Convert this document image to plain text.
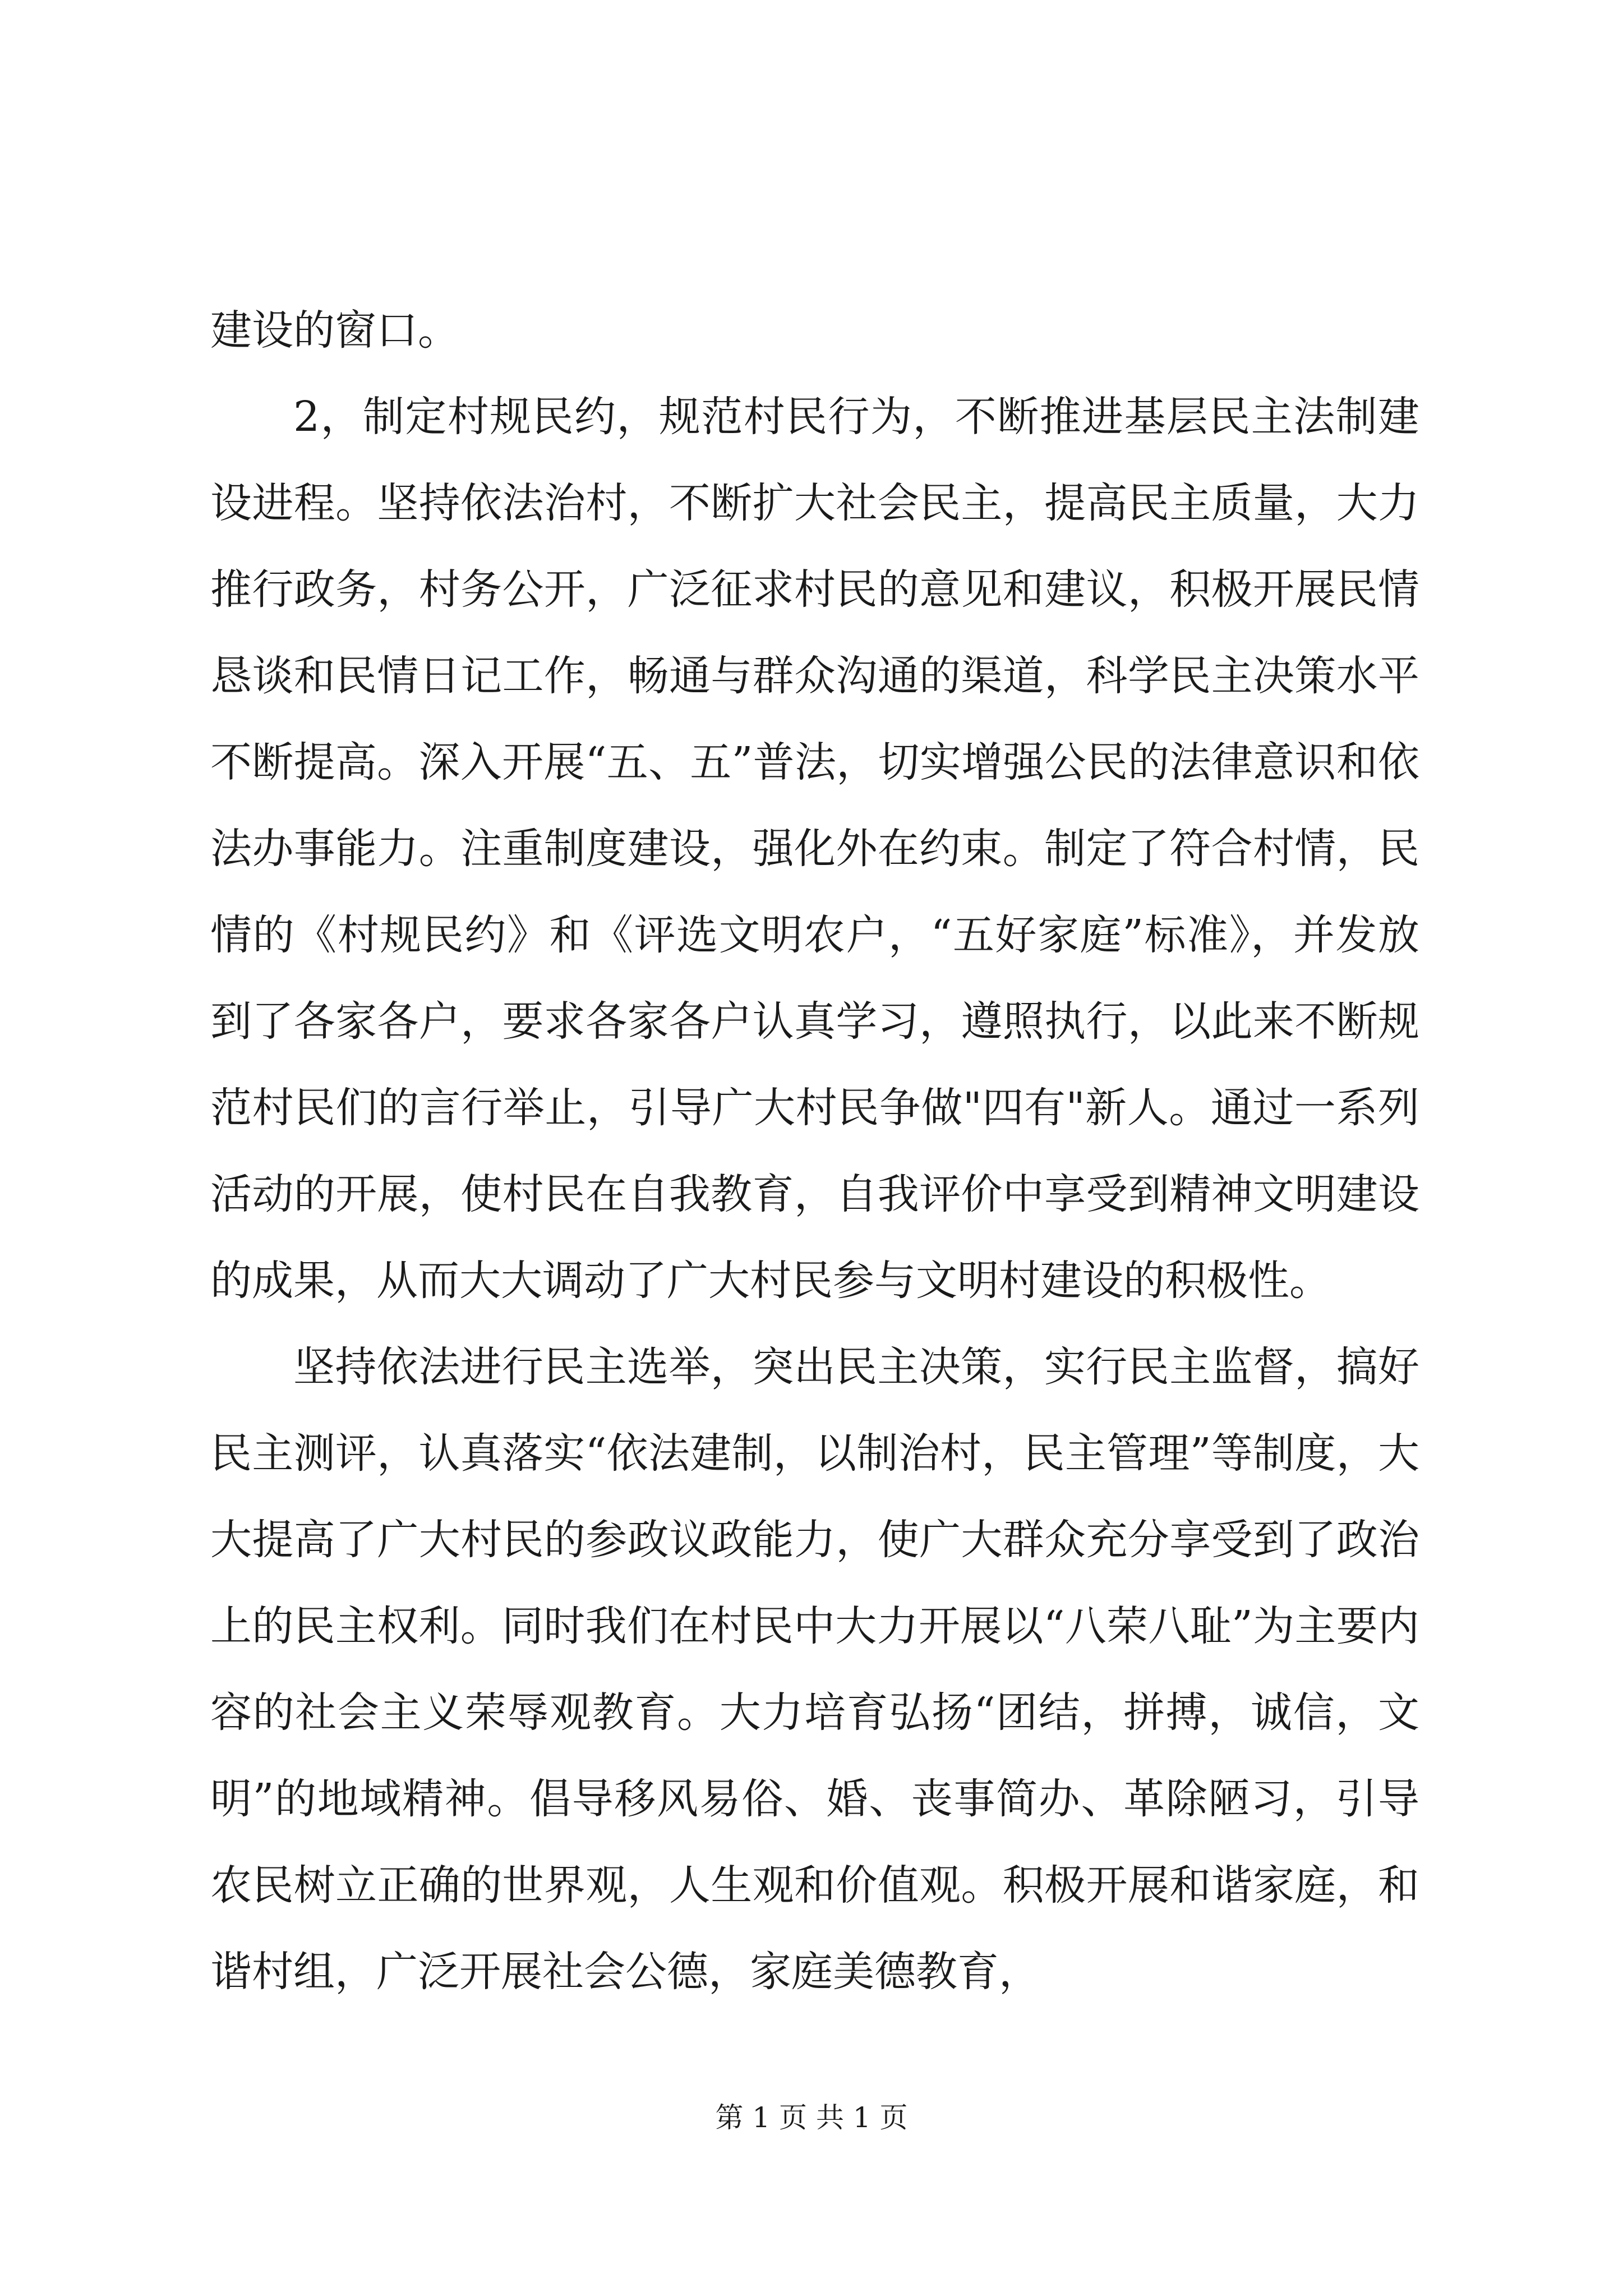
建设的窗口。

2，制定村规民约，规范村民行为，不断推进基层民主法制建设进程。坚持依法治村，不断扩大社会民主，提高民主质量，大力推行政务，村务公开，广泛征求村民的意见和建议，积极开展民情恳谈和民情日记工作，畅通与群众沟通的渠道，科学民主决策水平不断提高。深入开展“五、五”普法，切实增强公民的法律意识和依法办事能力。注重制度建设，强化外在约束。制定了符合村情，民情的《村规民约》和《评选文明农户，“五好家庭”标准》，并发放到了各家各户，要求各家各户认真学习，遵照执行，以此来不断规范村民们的言行举止，引导广大村民争做"四有"新人。通过一系列活动的开展，使村民在自我教育，自我评价中享受到精神文明建设的成果，从而大大调动了广大村民参与文明村建设的积极性。

坚持依法进行民主选举，突出民主决策，实行民主监督，搞好民主测评，认真落实“依法建制，以制治村，民主管理”等制度，大大提高了广大村民的参政议政能力，使广大群众充分享受到了政治上的民主权利。同时我们在村民中大力开展以“八荣八耻”为主要内容的社会主义荣辱观教育。大力培育弘扬“团结，拼搏，诚信，文明”的地域精神。倡导移风易俗、婚、丧事简办、革除陋习，引导农民树立正确的世界观，人生观和价值观。积极开展和谐家庭，和谐村组，广泛开展社会公德，家庭美德教育，

第 1 页 共 1 页
